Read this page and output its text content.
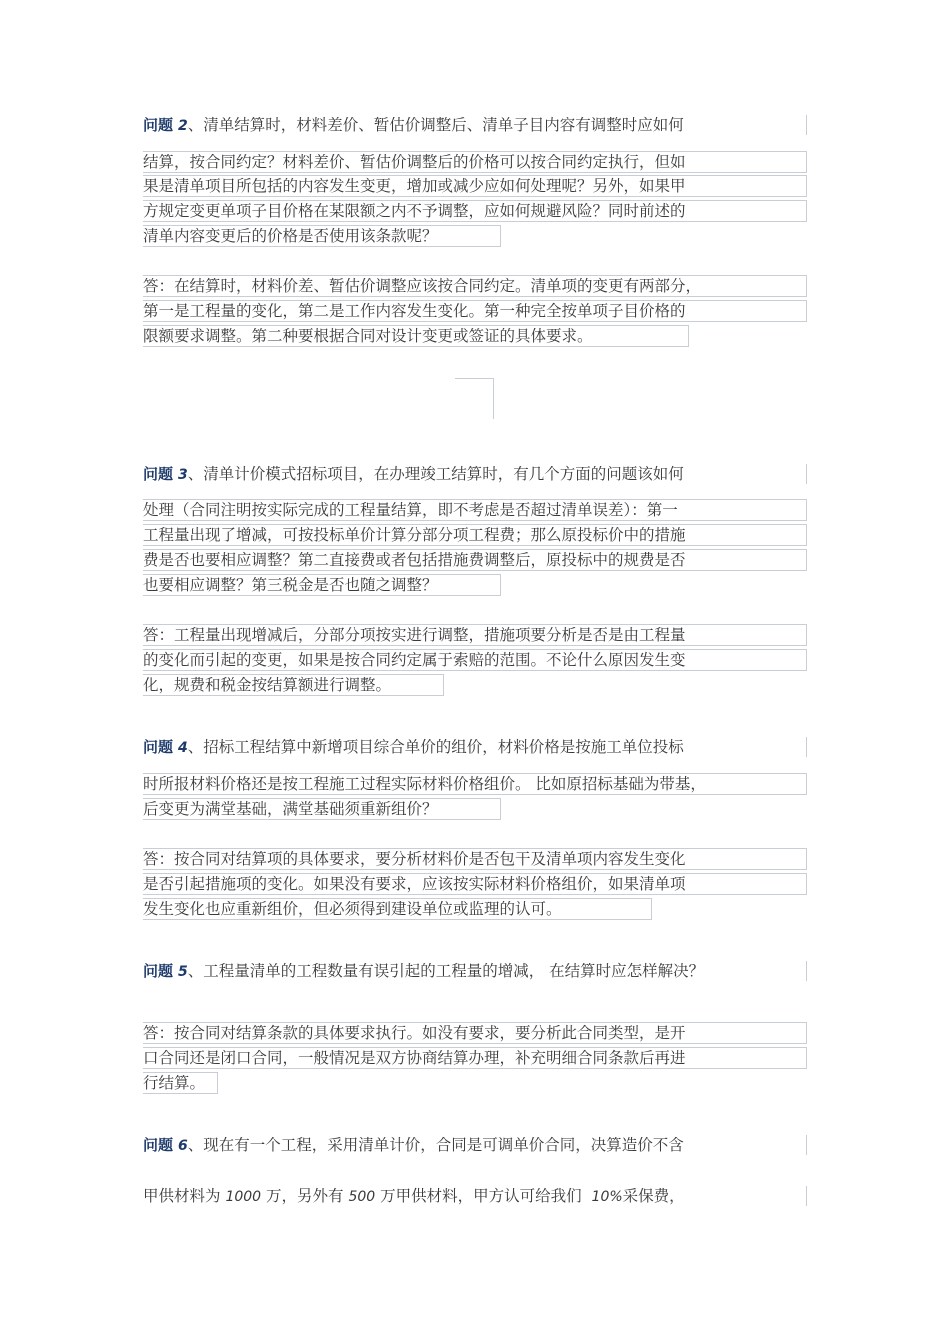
问题 2、清单结算时，材料差价、暂估价调整后、清单子目内容有调整时应如何
结算，按合同约定？材料差价、暂估价调整后的价格可以按合同约定执行，但如
果是清单项目所包括的内容发生变更，增加或减少应如何处理呢？另外，如果甲
方规定变更单项子目价格在某限额之内不予调整，应如何规避风险？同时前述的
清单内容变更后的价格是否使用该条款呢？
答：在结算时，材料价差、暂估价调整应该按合同约定。清单项的变更有两部分，
第一是工程量的变化，第二是工作内容发生变化。第一种完全按单项子目价格的
限额要求调整。第二种要根据合同对设计变更或签证的具体要求。
问题 3、清单计价模式招标项目，在办理竣工结算时，有几个方面的问题该如何
处理（合同注明按实际完成的工程量结算，即不考虑是否超过清单误差）：第一
工程量出现了增减，可按投标单价计算分部分项工程费；那么原投标价中的措施
费是否也要相应调整？第二直接费或者包括措施费调整后，原投标中的规费是否
也要相应调整？第三税金是否也随之调整？
答：工程量出现增减后，分部分项按实进行调整，措施项要分析是否是由工程量
的变化而引起的变更，如果是按合同约定属于索赔的范围。不论什么原因发生变
化，规费和税金按结算额进行调整。
问题 4、招标工程结算中新增项目综合单价的组价，材料价格是按施工单位投标
时所报材料价格还是按工程施工过程实际材料价格组价。 比如原招标基础为带基，
后变更为满堂基础，满堂基础须重新组价？
答：按合同对结算项的具体要求，要分析材料价是否包干及清单项内容发生变化
是否引起措施项的变化。如果没有要求，应该按实际材料价格组价，如果清单项
发生变化也应重新组价，但必须得到建设单位或监理的认可。
问题 5、工程量清单的工程数量有误引起的工程量的增减， 在结算时应怎样解决？
答：按合同对结算条款的具体要求执行。如没有要求，要分析此合同类型，是开
口合同还是闭口合同，一般情况是双方协商结算办理，补充明细合同条款后再进
行结算。
问题 6、现在有一个工程，采用清单计价，合同是可调单价合同，决算造价不含
甲供材料为 1000 万，另外有 500 万甲供材料，甲方认可给我们 10%采保费，
